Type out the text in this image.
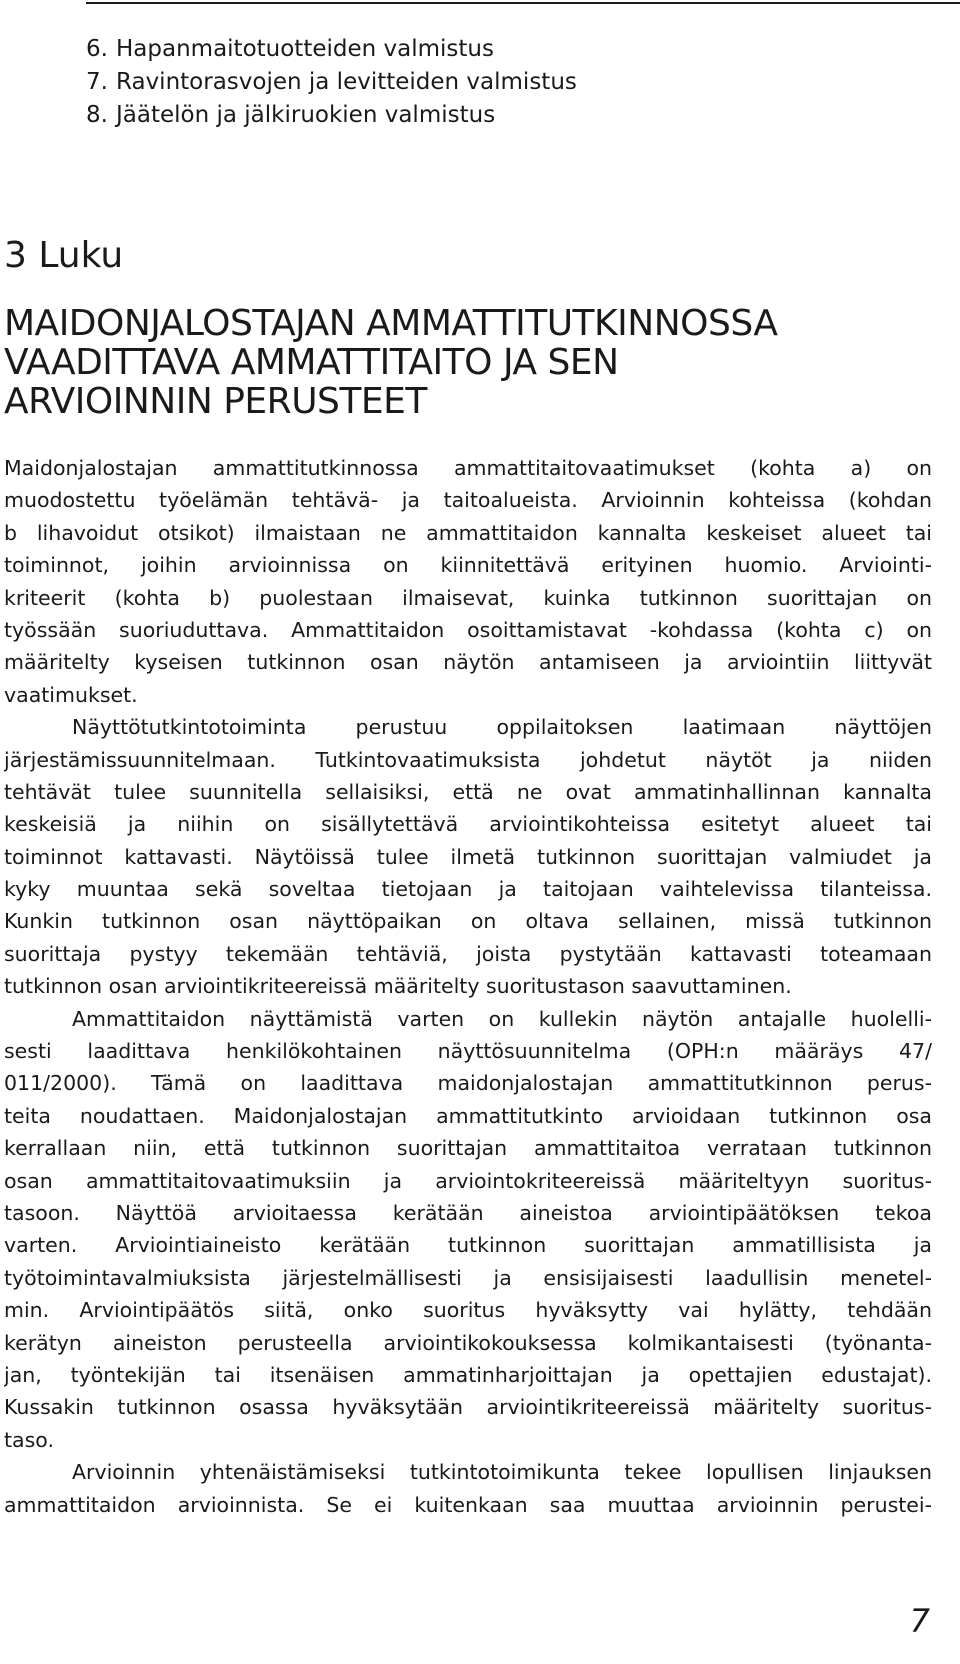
6. Hapanmaitotuotteiden valmistus
7. Ravintorasvojen ja levitteiden valmistus
8. Jäätelön ja jälkiruokien valmistus
3 Luku
MAIDONJALOSTAJAN AMMATTITUTKINNOSSA
VAADITTAVA AMMATTITAITO JA SEN
ARVIOINNIN PERUSTEET
Maidonjalostajan ammattitutkinnossa ammattitaitovaatimukset (kohta a) on
muodostettu työelämän tehtävä- ja taitoalueista. Arvioinnin kohteissa (kohdan
b lihavoidut otsikot) ilmaistaan ne ammattitaidon kannalta keskeiset alueet tai
toiminnot, joihin arvioinnissa on kiinnitettävä erityinen huomio. Arviointi-
kriteerit (kohta b) puolestaan ilmaisevat, kuinka tutkinnon suorittajan on
työssään suoriuduttava. Ammattitaidon osoittamistavat -kohdassa (kohta c) on
määritelty kyseisen tutkinnon osan näytön antamiseen ja arviointiin liittyvät
vaatimukset.
Näyttötutkintotoiminta perustuu oppilaitoksen laatimaan näyttöjen
järjestämissuunnitelmaan. Tutkintovaatimuksista johdetut näytöt ja niiden
tehtävät tulee suunnitella sellaisiksi, että ne ovat ammatinhallinnan kannalta
keskeisiä ja niihin on sisällytettävä arviointikohteissa esitetyt alueet tai
toiminnot kattavasti. Näytöissä tulee ilmetä tutkinnon suorittajan valmiudet ja
kyky muuntaa sekä soveltaa tietojaan ja taitojaan vaihtelevissa tilanteissa.
Kunkin tutkinnon osan näyttöpaikan on oltava sellainen, missä tutkinnon
suorittaja pystyy tekemään tehtäviä, joista pystytään kattavasti toteamaan
tutkinnon osan arviointikriteereissä määritelty suoritustason saavuttaminen.
Ammattitaidon näyttämistä varten on kullekin näytön antajalle huolelli-
sesti laadittava henkilökohtainen näyttösuunnitelma (OPH:n määräys 47/
011/2000). Tämä on laadittava maidonjalostajan ammattitutkinnon perus-
teita noudattaen. Maidonjalostajan ammattitutkinto arvioidaan tutkinnon osa
kerrallaan niin, että tutkinnon suorittajan ammattitaitoa verrataan tutkinnon
osan ammattitaitovaatimuksiin ja arviointokriteereissä määriteltyyn suoritus-
tasoon. Näyttöä arvioitaessa kerätään aineistoa arviointipäätöksen tekoa
varten. Arviointiaineisto kerätään tutkinnon suorittajan ammatillisista ja
työtoimintavalmiuksista järjestelmällisesti ja ensisijaisesti laadullisin menetel-
min. Arviointipäätös siitä, onko suoritus hyväksytty vai hylätty, tehdään
kerätyn aineiston perusteella arviointikokouksessa kolmikantaisesti (työnanta-
jan, työntekijän tai itsenäisen ammatinharjoittajan ja opettajien edustajat).
Kussakin tutkinnon osassa hyväksytään arviointikriteereissä määritelty suoritus-
taso.
Arvioinnin yhtenäistämiseksi tutkintotoimikunta tekee lopullisen linjauksen
ammattitaidon arvioinnista. Se ei kuitenkaan saa muuttaa arvioinnin perustei-
7
